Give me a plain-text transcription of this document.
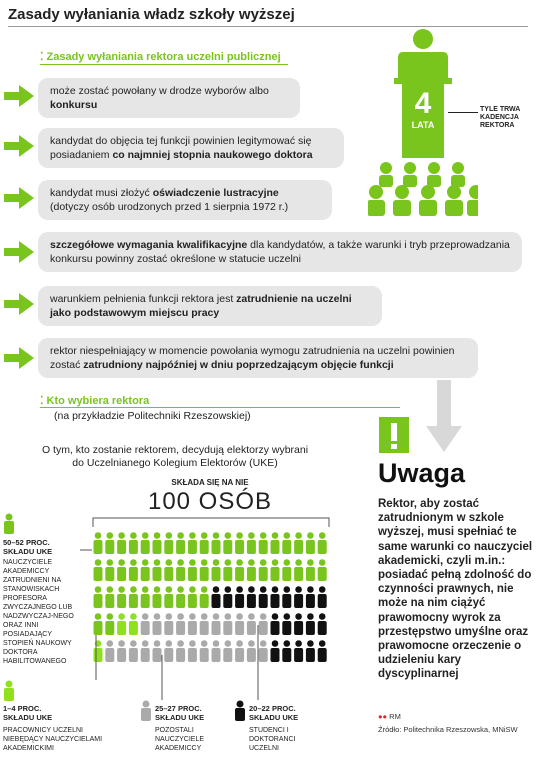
Zasady wyłaniania władz szkoły wyższej
⁚ Zasady wyłaniania rektora uczelni publicznej
może zostać powołany w drodze wyborów albo konkursu
kandydat do objęcia tej funkcji powinien legitymować się posiadaniem co najmniej stopnia naukowego doktora
kandydat musi złożyć oświadczenie lustracyjne (dotyczy osób urodzonych przed 1 sierpnia 1972 r.)
szczegółowe wymagania kwalifikacyjne dla kandydatów, a także warunki i tryb przeprowadzania konkursu powinny zostać określone w statucie uczelni
warunkiem pełnienia funkcji rektora jest zatrudnienie na uczelni jako podstawowym miejscu pracy
rektor niespełniający w momencie powołania wymogu zatrudnienia na uczelni powinien zostać zatrudniony najpóźniej w dniu poprzedzającym objęcie funkcji
4
LATA
TYLE TRWA KADENCJA REKTORA
⁚ Kto wybiera rektora
(na przykładzie Politechniki Rzeszowskiej)
O tym, kto zostanie rektorem, decydują elektorzy wybrani do Uczelnianego Kolegium Elektorów (UKE)	Uwaga
Rektor, aby zostać zatrudnionym w szkole wyższej, musi spełniać te same warunki co nauczyciel akademicki, czyli m.in.: posiadać pełną zdolność do czynności prawnych, nie może na nim ciążyć prawomocny wyrok za przestępstwo umyślne oraz prawomocne orzeczenie o udzieleniu kary dyscyplinarnej
SKŁADA SIĘ NA NIE
100 OSÓB
50–52 PROC. SKŁADU UKE
NAUCZYCIELE AKADEMICCY ZATRUDNIENI NA STANOWISKACH PROFESORA ZWYCZAJNEGO LUB NADZWYCZAJ-NEGO ORAZ INNI POSIADAJĄCY STOPIEŃ NAUKOWY DOKTORA HABILITOWANEGO
1–4 PROC. SKŁADU UKE
PRACOWNICY UCZELNI NIEBĘDĄCY NAUCZYCIELAMI AKADEMICKIMI
25–27 PROC. SKŁADU UKE
POZOSTALI NAUCZYCIELE AKADEMICCY
20–22 PROC. SKŁADU UKE
STUDENCI I DOKTORANCI UCZELNI
●● RM
Źródło: Politechnika Rzeszowska, MNiSW
